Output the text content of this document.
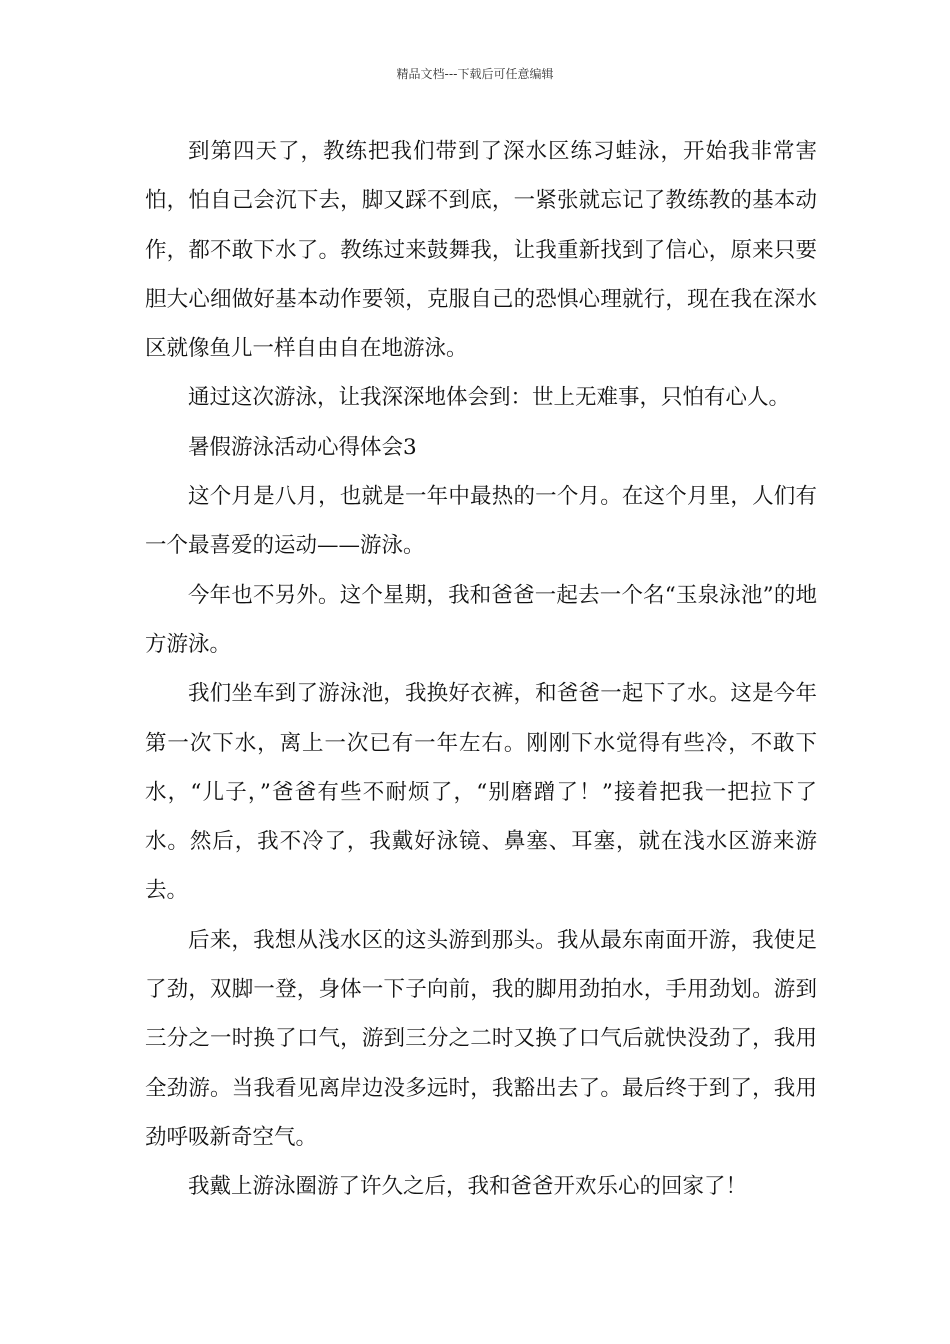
精品文档---下载后可任意编辑

到第四天了，教练把我们带到了深水区练习蛙泳，开始我非常害怕，怕自己会沉下去，脚又踩不到底，一紧张就忘记了教练教的基本动作，都不敢下水了。教练过来鼓舞我，让我重新找到了信心，原来只要胆大心细做好基本动作要领，克服自己的恐惧心理就行，现在我在深水区就像鱼儿一样自由自在地游泳。

通过这次游泳，让我深深地体会到：世上无难事，只怕有心人。

暑假游泳活动心得体会3

这个月是八月，也就是一年中最热的一个月。在这个月里，人们有一个最喜爱的运动——游泳。

今年也不另外。这个星期，我和爸爸一起去一个名“玉泉泳池”的地方游泳。

我们坐车到了游泳池，我换好衣裤，和爸爸一起下了水。这是今年第一次下水，离上一次已有一年左右。刚刚下水觉得有些冷，不敢下水，“儿子，”爸爸有些不耐烦了，“别磨蹭了！”接着把我一把拉下了水。然后，我不冷了，我戴好泳镜、鼻塞、耳塞，就在浅水区游来游去。

后来，我想从浅水区的这头游到那头。我从最东南面开游，我使足了劲，双脚一登，身体一下子向前，我的脚用劲拍水，手用劲划。游到三分之一时换了口气，游到三分之二时又换了口气后就快没劲了，我用全劲游。当我看见离岸边没多远时，我豁出去了。最后终于到了，我用劲呼吸新奇空气。

我戴上游泳圈游了许久之后，我和爸爸开欢乐心的回家了！
